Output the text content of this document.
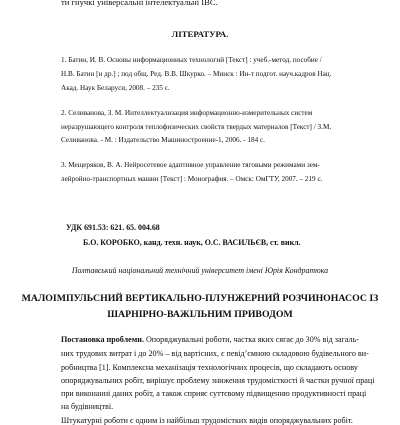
ти гнучкі універсальні інтелектуальні ІВС.
ЛІТЕРАТУРА.
1. Батин, И. В. Основы информационных технологий [Текст] : учеб.-метод. пособие /
Н.В. Батин [и др.] ; под общ. Ред. В.В. Шкурко. – Минск : Ин-т подгот. науч.кадров Нац.
Акад. Наук Беларуси, 2008. – 235 с.
2. Селиванова, З. М. Интеллектуализация информационно-измерительных систем
неразрушающего контроля теплофизических свойств твердых материалов [Текст] / З.М.
Селиванова. - М. : Издательство Машиностроение-1, 2006. - 184 с.
3. Мещеряков, В. А. Нейросетевое адаптивное управление тяговыми режимами зем-
лейройно-транспортных машин [Текст] : Монография. – Омск: ОмГТУ, 2007. – 219 с.
УДК 691.53: 621. 65. 004.68
Б.О. КОРОБКО, канд. техн. наук, О.С. ВАСИЛЬЄВ, ст. викл.
Полтавський національний технічний університет імені Юрія Кондратюка
МАЛОІМПУЛЬСНИЙ ВЕРТИКАЛЬНО-ПЛУНЖЕРНИЙ РОЗЧИНОНАСОС ІЗ
ШАРНІРНО-ВАЖІЛЬНИМ ПРИВОДОМ
Постановка проблеми. Опоряджувальні роботи, частка яких сягає до 30% від загаль-
них трудових витрат і до 20% – від вартісних, є певід’ємною складовою будівельного ви-
робництва [1]. Комплексна механізація технологічних процесів, що складають основу
опоряджувальних робіт, вирішує проблему зниження трудомісткості й частки ручної праці
при виконанні даних робіт, а також сприяє суттєвому підвищенню продуктивності праці
на будівництві.
Штукатурні роботи є одним із найбільш трудомістких видів опоряджувальних робіт.
